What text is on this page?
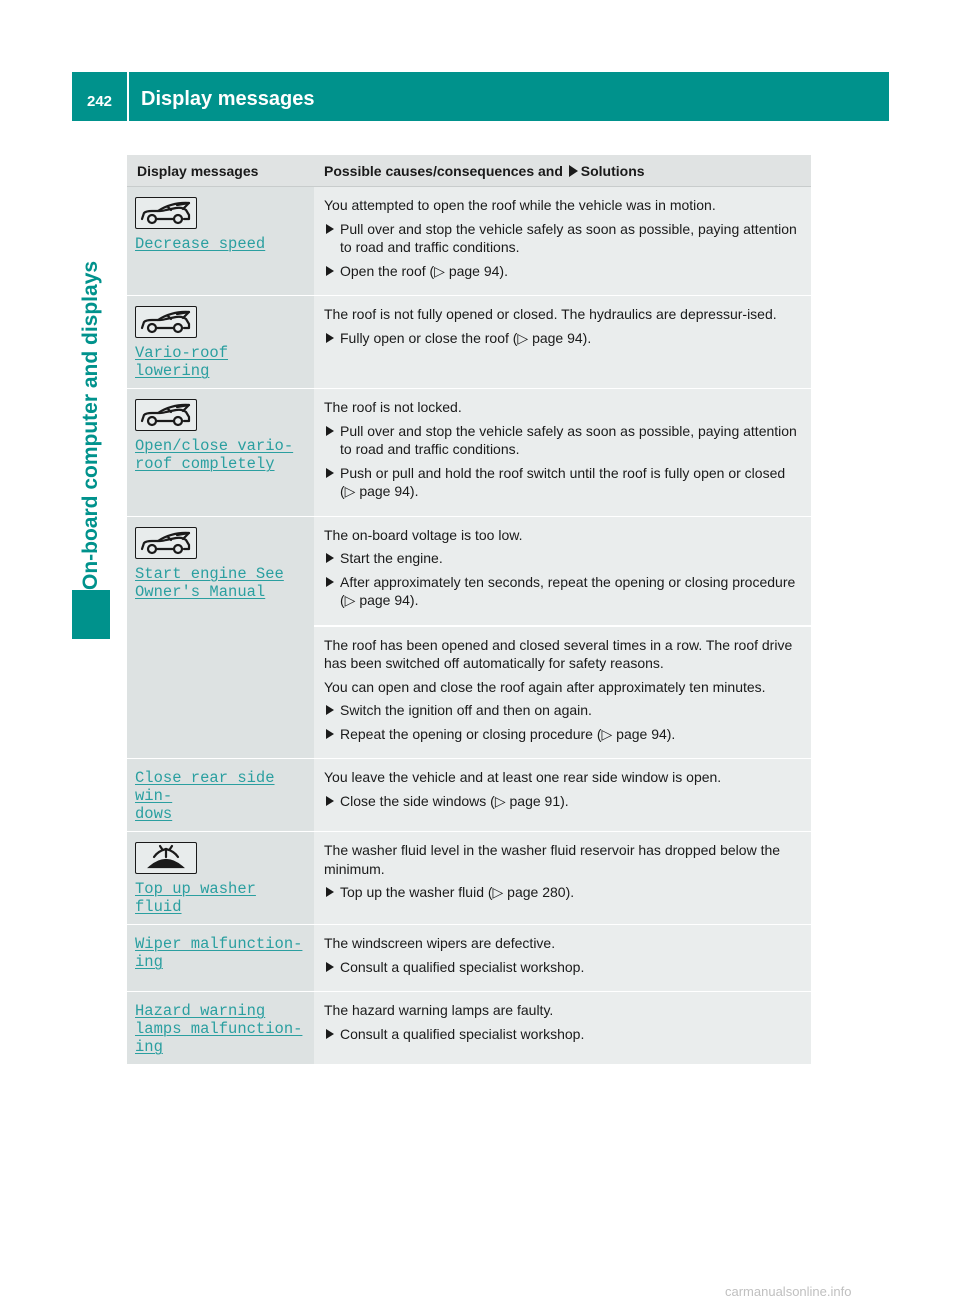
242	Display messages
On-board computer and displays
Display messages	Possible causes/consequences and Solutions
Decrease speed
You attempted to open the roof while the vehicle was in motion.
Pull over and stop the vehicle safely as soon as possible, paying attention to road and traffic conditions.
Open the roof (▷ page 94).
Vario-roof lowering
The roof is not fully opened or closed. The hydraulics are depressur-ised.
Fully open or close the roof (▷ page 94).
Open/close vario-
roof completely
The roof is not locked.
Pull over and stop the vehicle safely as soon as possible, paying attention to road and traffic conditions.
Push or pull and hold the roof switch until the roof is fully open or closed (▷ page 94).
Start engine See
Owner's Manual
The on-board voltage is too low.
Start the engine.
After approximately ten seconds, repeat the opening or closing procedure (▷ page 94).
The roof has been opened and closed several times in a row. The roof drive has been switched off automatically for safety reasons.
You can open and close the roof again after approximately ten minutes.
Switch the ignition off and then on again.
Repeat the opening or closing procedure (▷ page 94).
Close rear side win-
dows
You leave the vehicle and at least one rear side window is open.
Close the side windows (▷ page 91).
Top up washer fluid
The washer fluid level in the washer fluid reservoir has dropped below the minimum.
Top up the washer fluid (▷ page 280).
Wiper malfunction-
ing
The windscreen wipers are defective.
Consult a qualified specialist workshop.
Hazard warning
lamps malfunction-
ing
The hazard warning lamps are faulty.
Consult a qualified specialist workshop.
carmanualsonline.info
